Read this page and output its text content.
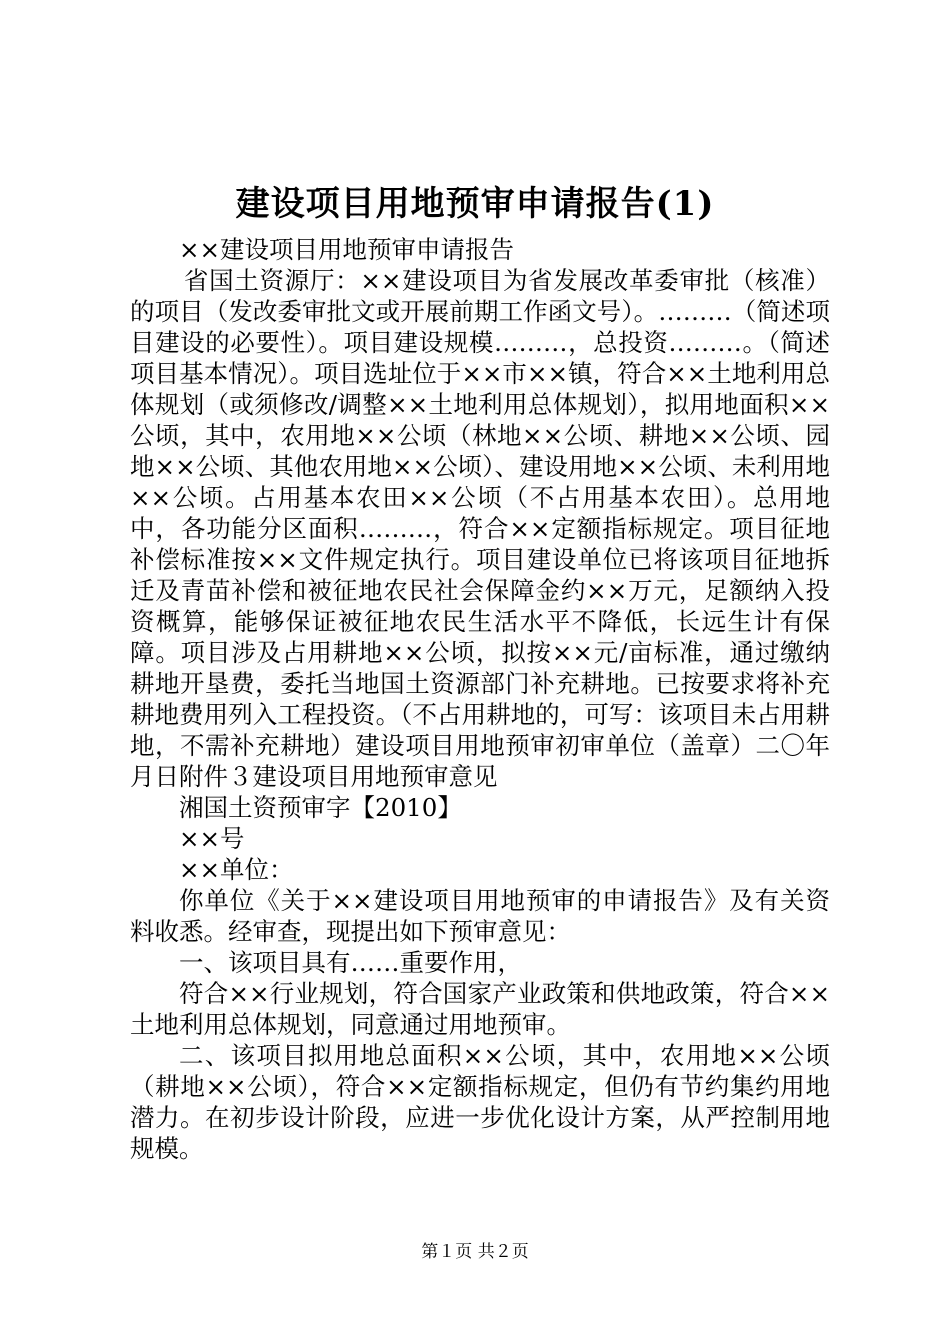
建设项目用地预审申请报告(1)

××建设项目用地预审申请报告

省国土资源厅：××建设项目为省发展改革委审批（核准）的项目（发改委审批文或开展前期工作函文号）。………（简述项目建设的必要性）。项目建设规模………，总投资………。（简述项目基本情况）。项目选址位于××市××镇，符合××土地利用总体规划（或须修改/调整××土地利用总体规划），拟用地面积××公顷，其中，农用地××公顷（林地××公顷、耕地××公顷、园地××公顷、其他农用地××公顷）、建设用地××公顷、未利用地××公顷。占用基本农田××公顷（不占用基本农田）。总用地中，各功能分区面积………，符合××定额指标规定。项目征地补偿标准按××文件规定执行。项目建设单位已将该项目征地拆迁及青苗补偿和被征地农民社会保障金约××万元，足额纳入投资概算，能够保证被征地农民生活水平不降低，长远生计有保障。项目涉及占用耕地××公顷，拟按××元/亩标准，通过缴纳耕地开垦费，委托当地国土资源部门补充耕地。已按要求将补充耕地费用列入工程投资。（不占用耕地的，可写：该项目未占用耕地，不需补充耕地）建设项目用地预审初审单位（盖章）二〇年月日附件３建设项目用地预审意见

湘国土资预审字【2010】

××号

××单位：

你单位《关于××建设项目用地预审的申请报告》及有关资料收悉。经审查，现提出如下预审意见：

一、该项目具有……重要作用，

符合××行业规划，符合国家产业政策和供地政策，符合××土地利用总体规划，同意通过用地预审。

二、该项目拟用地总面积××公顷，其中，农用地××公顷（耕地××公顷），符合××定额指标规定，但仍有节约集约用地潜力。在初步设计阶段，应进一步优化设计方案，从严控制用地规模。

第１页 共２页
